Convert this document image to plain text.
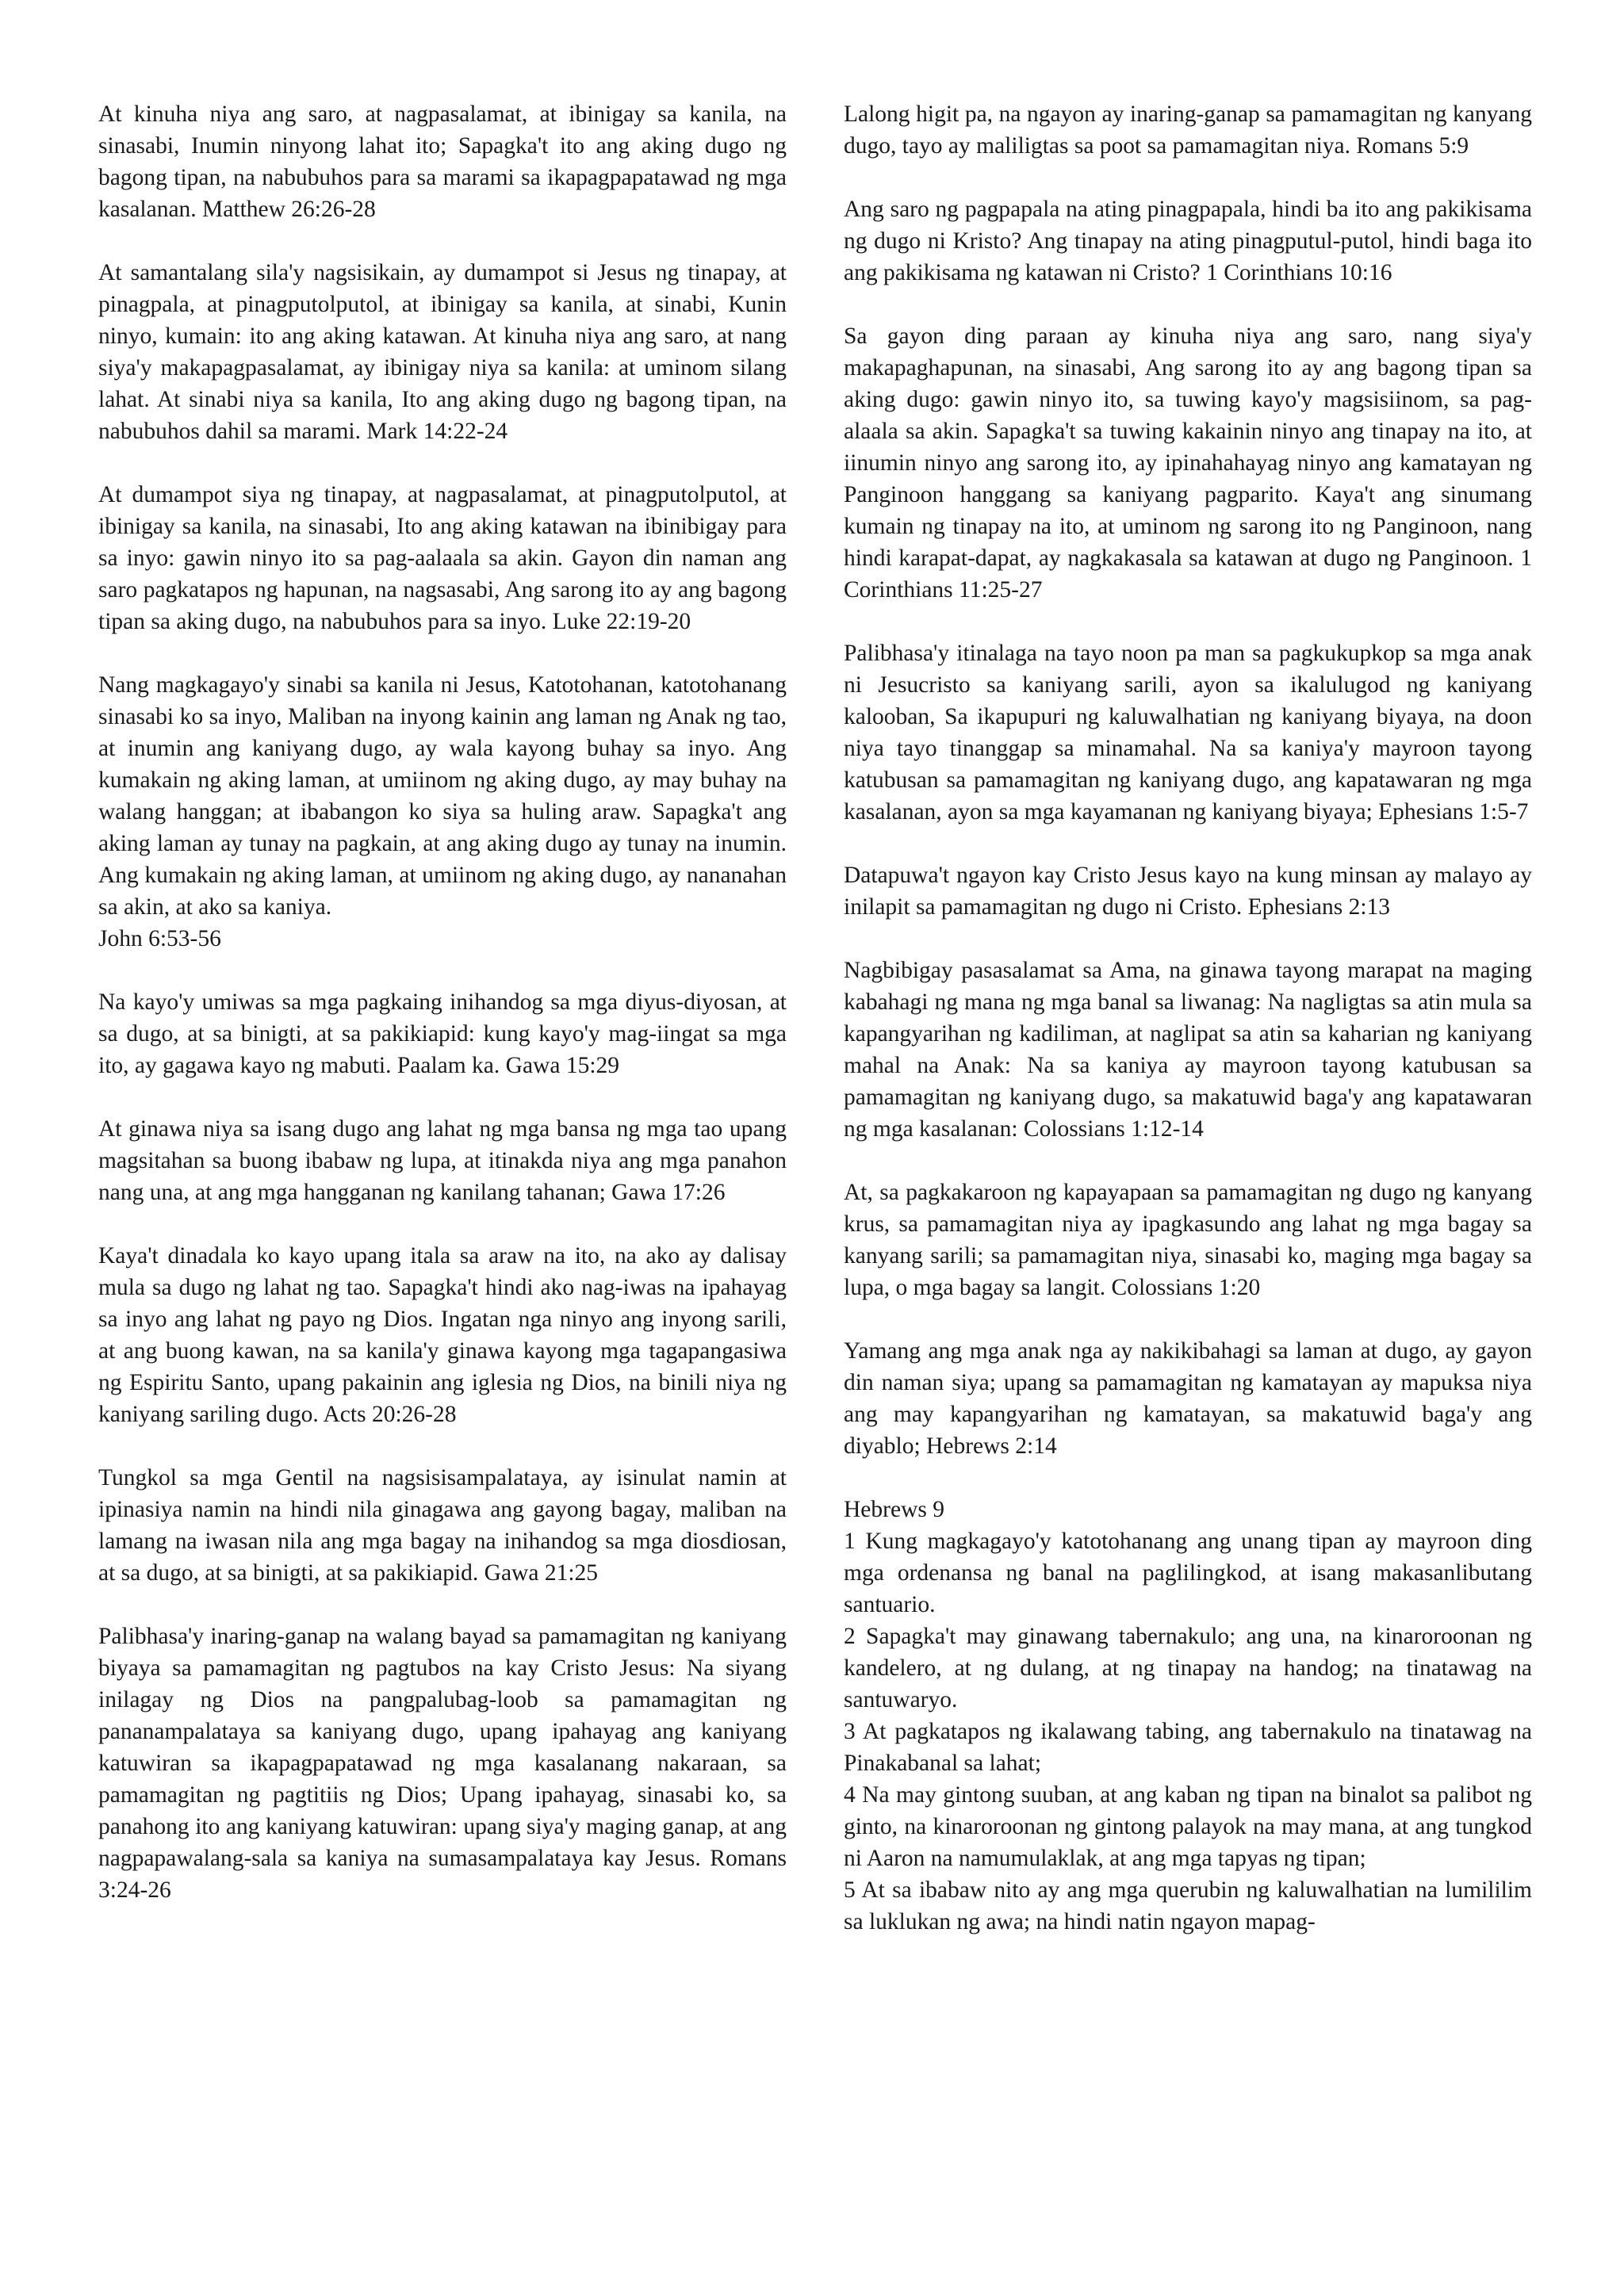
At kinuha niya ang saro, at nagpasalamat, at ibinigay sa kanila, na sinasabi, Inumin ninyong lahat ito; Sapagka't ito ang aking dugo ng bagong tipan, na nabubuhos para sa marami sa ikapagpapatawad ng mga kasalanan. Matthew 26:26-28

At samantalang sila'y nagsisikain, ay dumampot si Jesus ng tinapay, at pinagpala, at pinagputolputol, at ibinigay sa kanila, at sinabi, Kunin ninyo, kumain: ito ang aking katawan. At kinuha niya ang saro, at nang siya'y makapagpasalamat, ay ibinigay niya sa kanila: at uminom silang lahat. At sinabi niya sa kanila, Ito ang aking dugo ng bagong tipan, na nabubuhos dahil sa marami. Mark 14:22-24

At dumampot siya ng tinapay, at nagpasalamat, at pinagputolputol, at ibinigay sa kanila, na sinasabi, Ito ang aking katawan na ibinibigay para sa inyo: gawin ninyo ito sa pag-aalaala sa akin. Gayon din naman ang saro pagkatapos ng hapunan, na nagsasabi, Ang sarong ito ay ang bagong tipan sa aking dugo, na nabubuhos para sa inyo. Luke 22:19-20

Nang magkagayo'y sinabi sa kanila ni Jesus, Katotohanan, katotohanang sinasabi ko sa inyo, Maliban na inyong kainin ang laman ng Anak ng tao, at inumin ang kaniyang dugo, ay wala kayong buhay sa inyo. Ang kumakain ng aking laman, at umiinom ng aking dugo, ay may buhay na walang hanggan; at ibabangon ko siya sa huling araw. Sapagka't ang aking laman ay tunay na pagkain, at ang aking dugo ay tunay na inumin. Ang kumakain ng aking laman, at umiinom ng aking dugo, ay nananahan sa akin, at ako sa kaniya.
John 6:53-56

Na kayo'y umiwas sa mga pagkaing inihandog sa mga diyus-diyosan, at sa dugo, at sa binigti, at sa pakikiapid: kung kayo'y mag-iingat sa mga ito, ay gagawa kayo ng mabuti. Paalam ka. Gawa 15:29

At ginawa niya sa isang dugo ang lahat ng mga bansa ng mga tao upang magsitahan sa buong ibabaw ng lupa, at itinakda niya ang mga panahon nang una, at ang mga hangganan ng kanilang tahanan; Gawa 17:26

Kaya't dinadala ko kayo upang itala sa araw na ito, na ako ay dalisay mula sa dugo ng lahat ng tao. Sapagka't hindi ako nag-iwas na ipahayag sa inyo ang lahat ng payo ng Dios. Ingatan nga ninyo ang inyong sarili, at ang buong kawan, na sa kanila'y ginawa kayong mga tagapangasiwa ng Espiritu Santo, upang pakainin ang iglesia ng Dios, na binili niya ng kaniyang sariling dugo. Acts 20:26-28

Tungkol sa mga Gentil na nagsisisampalataya, ay isinulat namin at ipinasiya namin na hindi nila ginagawa ang gayong bagay, maliban na lamang na iwasan nila ang mga bagay na inihandog sa mga diosdiosan, at sa dugo, at sa binigti, at sa pakikiapid. Gawa 21:25

Palibhasa'y inaring-ganap na walang bayad sa pamamagitan ng kaniyang biyaya sa pamamagitan ng pagtubos na kay Cristo Jesus: Na siyang inilagay ng Dios na pangpalubag-loob sa pamamagitan ng pananampalataya sa kaniyang dugo, upang ipahayag ang kaniyang katuwiran sa ikapagpapatawad ng mga kasalanang nakaraan, sa pamamagitan ng pagtitiis ng Dios; Upang ipahayag, sinasabi ko, sa panahong ito ang kaniyang katuwiran: upang siya'y maging ganap, at ang nagpapawalang-sala sa kaniya na sumasampalataya kay Jesus. Romans 3:24-26

Lalong higit pa, na ngayon ay inaring-ganap sa pamamagitan ng kanyang dugo, tayo ay maliligtas sa poot sa pamamagitan niya. Romans 5:9

Ang saro ng pagpapala na ating pinagpapala, hindi ba ito ang pakikisama ng dugo ni Kristo? Ang tinapay na ating pinagputul-putol, hindi baga ito ang pakikisama ng katawan ni Cristo? 1 Corinthians 10:16

Sa gayon ding paraan ay kinuha niya ang saro, nang siya'y makapaghapunan, na sinasabi, Ang sarong ito ay ang bagong tipan sa aking dugo: gawin ninyo ito, sa tuwing kayo'y magsisiinom, sa pag-alaala sa akin. Sapagka't sa tuwing kakainin ninyo ang tinapay na ito, at iinumin ninyo ang sarong ito, ay ipinahahayag ninyo ang kamatayan ng Panginoon hanggang sa kaniyang pagparito. Kaya't ang sinumang kumain ng tinapay na ito, at uminom ng sarong ito ng Panginoon, nang hindi karapat-dapat, ay nagkakasala sa katawan at dugo ng Panginoon. 1 Corinthians 11:25-27

Palibhasa'y itinalaga na tayo noon pa man sa pagkukupkop sa mga anak ni Jesucristo sa kaniyang sarili, ayon sa ikalulugod ng kaniyang kalooban, Sa ikapupuri ng kaluwalhatian ng kaniyang biyaya, na doon niya tayo tinanggap sa minamahal. Na sa kaniya'y mayroon tayong katubusan sa pamamagitan ng kaniyang dugo, ang kapatawaran ng mga kasalanan, ayon sa mga kayamanan ng kaniyang biyaya; Ephesians 1:5-7

Datapuwa't ngayon kay Cristo Jesus kayo na kung minsan ay malayo ay inilapit sa pamamagitan ng dugo ni Cristo. Ephesians 2:13

Nagbibigay pasasalamat sa Ama, na ginawa tayong marapat na maging kabahagi ng mana ng mga banal sa liwanag: Na nagligtas sa atin mula sa kapangyarihan ng kadiliman, at naglipat sa atin sa kaharian ng kaniyang mahal na Anak: Na sa kaniya ay mayroon tayong katubusan sa pamamagitan ng kaniyang dugo, sa makatuwid baga'y ang kapatawaran ng mga kasalanan: Colossians 1:12-14

At, sa pagkakaroon ng kapayapaan sa pamamagitan ng dugo ng kanyang krus, sa pamamagitan niya ay ipagkasundo ang lahat ng mga bagay sa kanyang sarili; sa pamamagitan niya, sinasabi ko, maging mga bagay sa lupa, o mga bagay sa langit. Colossians 1:20

Yamang ang mga anak nga ay nakikibahagi sa laman at dugo, ay gayon din naman siya; upang sa pamamagitan ng kamatayan ay mapuksa niya ang may kapangyarihan ng kamatayan, sa makatuwid baga'y ang diyablo; Hebrews 2:14

Hebrews 9

1 Kung magkagayo'y katotohanang ang unang tipan ay mayroon ding mga ordenansa ng banal na paglilingkod, at isang makasanlibutang santuario.

2 Sapagka't may ginawang tabernakulo; ang una, na kinaroroonan ng kandelero, at ng dulang, at ng tinapay na handog; na tinatawag na santuwaryo.

3 At pagkatapos ng ikalawang tabing, ang tabernakulo na tinatawag na Pinakabanal sa lahat;

4 Na may gintong suuban, at ang kaban ng tipan na binalot sa palibot ng ginto, na kinaroroonan ng gintong palayok na may mana, at ang tungkod ni Aaron na namumulaklak, at ang mga tapyas ng tipan;

5 At sa ibabaw nito ay ang mga querubin ng kaluwalhatian na lumililim sa luklukan ng awa; na hindi natin ngayon mapag-
